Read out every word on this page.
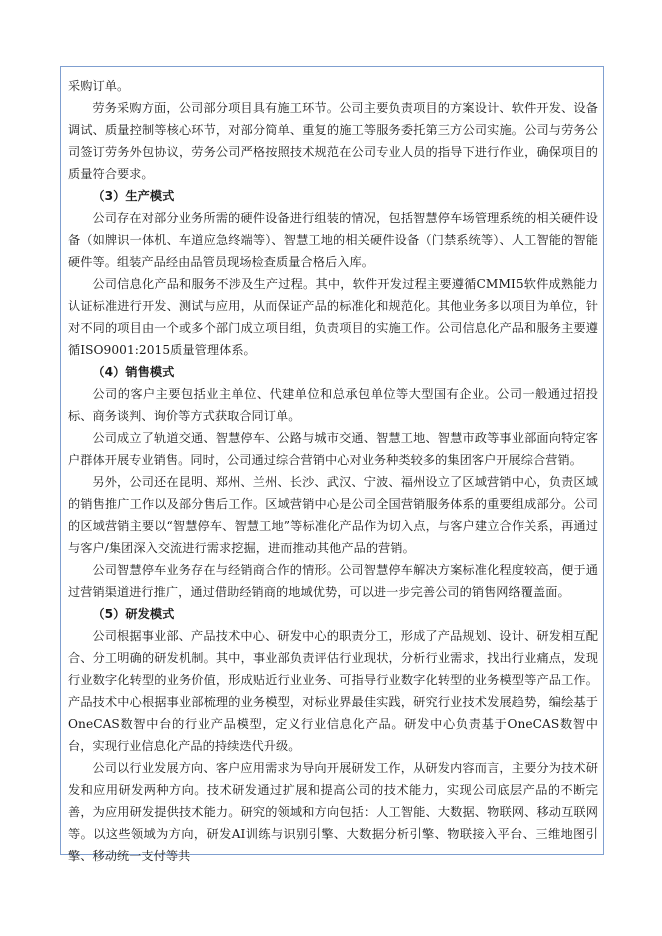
采购订单。

劳务采购方面，公司部分项目具有施工环节。公司主要负责项目的方案设计、软件开发、设备调试、质量控制等核心环节，对部分简单、重复的施工等服务委托第三方公司实施。公司与劳务公司签订劳务外包协议，劳务公司严格按照技术规范在公司专业人员的指导下进行作业，确保项目的质量符合要求。

（3）生产模式

公司存在对部分业务所需的硬件设备进行组装的情况，包括智慧停车场管理系统的相关硬件设备（如牌识一体机、车道应急终端等）、智慧工地的相关硬件设备（门禁系统等）、人工智能的智能硬件等。组装产品经由品管员现场检查质量合格后入库。

公司信息化产品和服务不涉及生产过程。其中，软件开发过程主要遵循CMMI5软件成熟能力认证标准进行开发、测试与应用，从而保证产品的标准化和规范化。其他业务多以项目为单位，针对不同的项目由一个或多个部门成立项目组，负责项目的实施工作。公司信息化产品和服务主要遵循ISO9001:2015质量管理体系。

（4）销售模式

公司的客户主要包括业主单位、代建单位和总承包单位等大型国有企业。公司一般通过招投标、商务谈判、询价等方式获取合同订单。

公司成立了轨道交通、智慧停车、公路与城市交通、智慧工地、智慧市政等事业部面向特定客户群体开展专业销售。同时，公司通过综合营销中心对业务种类较多的集团客户开展综合营销。

另外，公司还在昆明、郑州、兰州、长沙、武汉、宁波、福州设立了区域营销中心，负责区域的销售推广工作以及部分售后工作。区域营销中心是公司全国营销服务体系的重要组成部分。公司的区域营销主要以“智慧停车、智慧工地”等标准化产品作为切入点，与客户建立合作关系，再通过与客户/集团深入交流进行需求挖掘，进而推动其他产品的营销。

公司智慧停车业务存在与经销商合作的情形。公司智慧停车解决方案标准化程度较高，便于通过营销渠道进行推广，通过借助经销商的地域优势，可以进一步完善公司的销售网络覆盖面。

（5）研发模式

公司根据事业部、产品技术中心、研发中心的职责分工，形成了产品规划、设计、研发相互配合、分工明确的研发机制。其中，事业部负责评估行业现状，分析行业需求，找出行业痛点，发现行业数字化转型的业务价值，形成贴近行业业务、可指导行业数字化转型的业务模型等产品工作。产品技术中心根据事业部梳理的业务模型，对标业界最佳实践，研究行业技术发展趋势，编绘基于OneCAS数智中台的行业产品模型，定义行业信息化产品。研发中心负责基于OneCAS数智中台，实现行业信息化产品的持续迭代升级。

公司以行业发展方向、客户应用需求为导向开展研发工作，从研发内容而言，主要分为技术研发和应用研发两种方向。技术研发通过扩展和提高公司的技术能力，实现公司底层产品的不断完善，为应用研发提供技术能力。研究的领域和方向包括：人工智能、大数据、物联网、移动互联网等。以这些领域为方向，研发AI训练与识别引擎、大数据分析引擎、物联接入平台、三维地图引擎、移动统一支付等共
